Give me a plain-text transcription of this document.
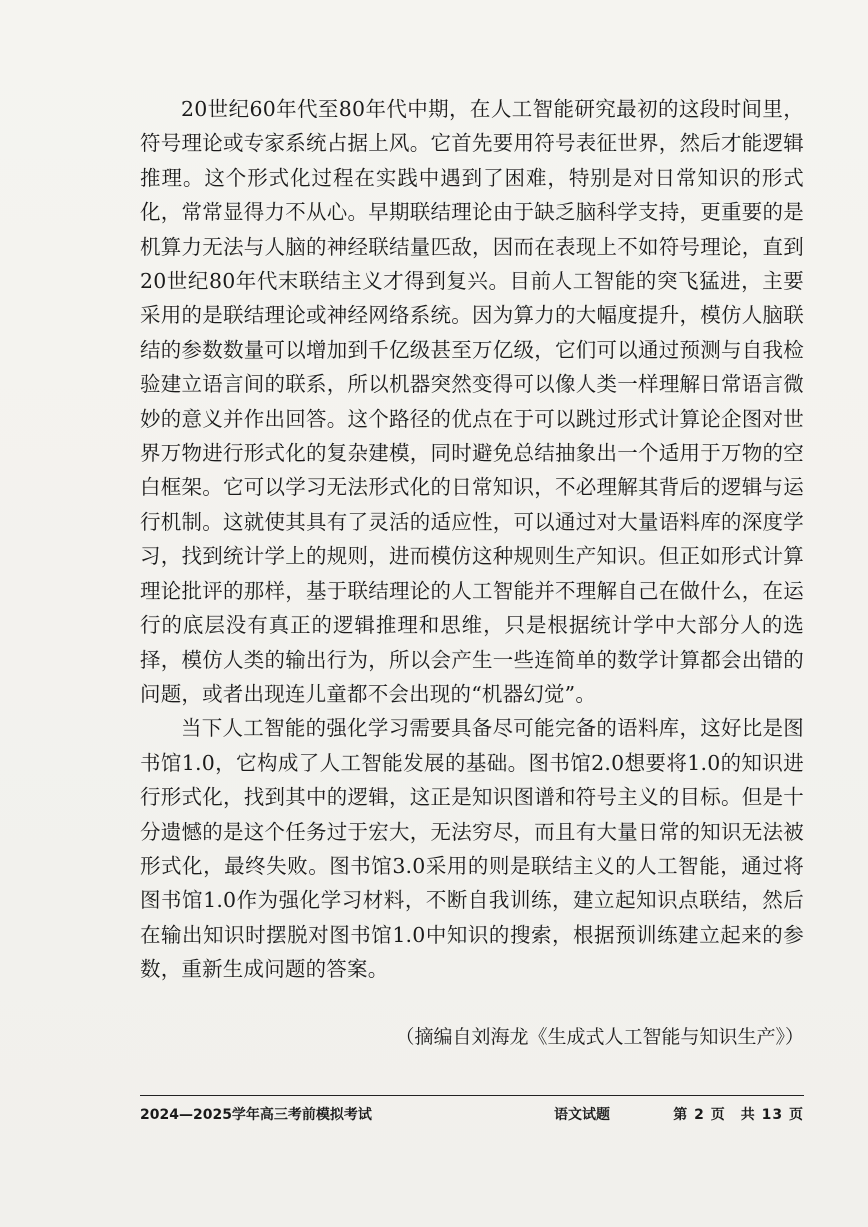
20世纪60年代至80年代中期，在人工智能研究最初的这段时间里，符号理论或专家系统占据上风。它首先要用符号表征世界，然后才能逻辑推理。这个形式化过程在实践中遇到了困难，特别是对日常知识的形式化，常常显得力不从心。早期联结理论由于缺乏脑科学支持，更重要的是机算力无法与人脑的神经联结量匹敌，因而在表现上不如符号理论，直到20世纪80年代末联结主义才得到复兴。目前人工智能的突飞猛进，主要采用的是联结理论或神经网络系统。因为算力的大幅度提升，模仿人脑联结的参数数量可以增加到千亿级甚至万亿级，它们可以通过预测与自我检验建立语言间的联系，所以机器突然变得可以像人类一样理解日常语言微妙的意义并作出回答。这个路径的优点在于可以跳过形式计算论企图对世界万物进行形式化的复杂建模，同时避免总结抽象出一个适用于万物的空白框架。它可以学习无法形式化的日常知识，不必理解其背后的逻辑与运行机制。这就使其具有了灵活的适应性，可以通过对大量语料库的深度学习，找到统计学上的规则，进而模仿这种规则生产知识。但正如形式计算理论批评的那样，基于联结理论的人工智能并不理解自己在做什么，在运行的底层没有真正的逻辑推理和思维，只是根据统计学中大部分人的选择，模仿人类的输出行为，所以会产生一些连简单的数学计算都会出错的问题，或者出现连儿童都不会出现的“机器幻觉”。

当下人工智能的强化学习需要具备尽可能完备的语料库，这好比是图书馆1.0，它构成了人工智能发展的基础。图书馆2.0想要将1.0的知识进行形式化，找到其中的逻辑，这正是知识图谱和符号主义的目标。但是十分遗憾的是这个任务过于宏大，无法穷尽，而且有大量日常的知识无法被形式化，最终失败。图书馆3.0采用的则是联结主义的人工智能，通过将图书馆1.0作为强化学习材料，不断自我训练，建立起知识点联结，然后在输出知识时摆脱对图书馆1.0中知识的搜索，根据预训练建立起来的参数，重新生成问题的答案。

（摘编自刘海龙《生成式人工智能与知识生产》）
2024—2025学年高三考前模拟考试	语文试题	第 2 页　共 13 页
